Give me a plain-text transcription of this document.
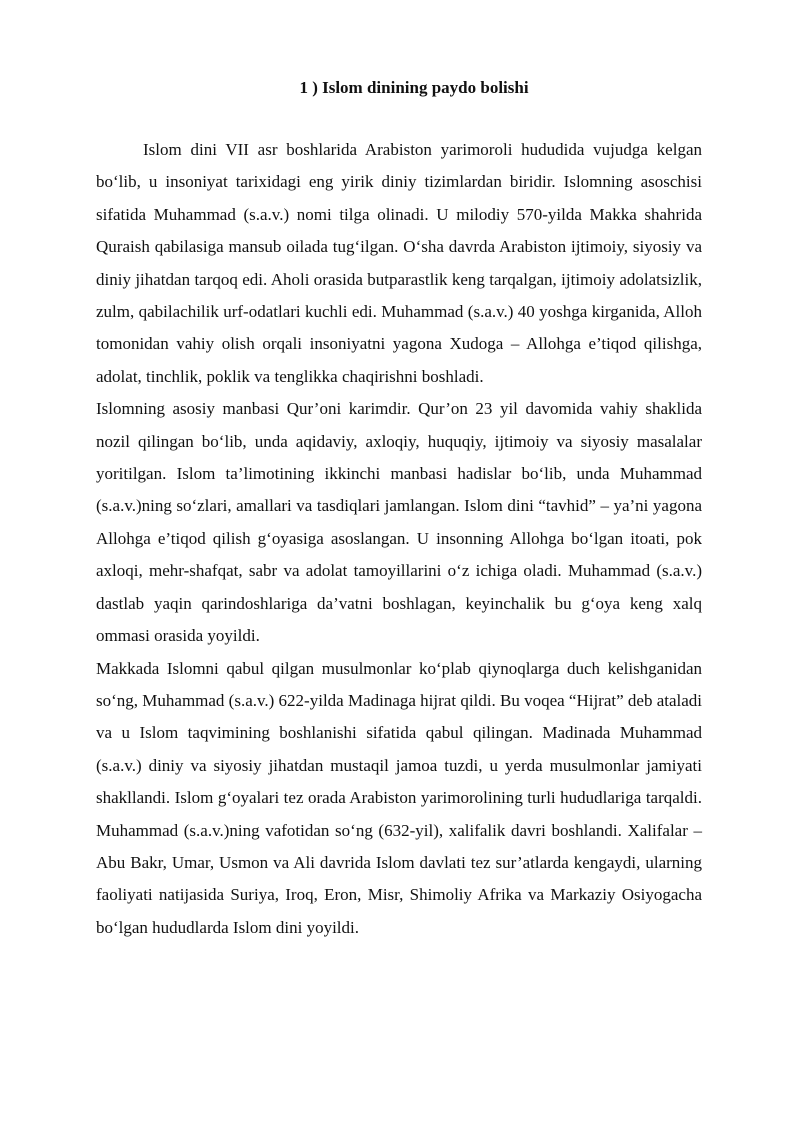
1 ) Islom dinining paydo bolishi

Islom dini VII asr boshlarida Arabiston yarimoroli hududida vujudga kelgan bo‘lib, u insoniyat tarixidagi eng yirik diniy tizimlardan biridir. Islomning asoschisi sifatida Muhammad (s.a.v.) nomi tilga olinadi. U milodiy 570-yilda Makka shahrida Quraish qabilasiga mansub oilada tug‘ilgan. O‘sha davrda Arabiston ijtimoiy, siyosiy va diniy jihatdan tarqoq edi. Aholi orasida butparastlik keng tarqalgan, ijtimoiy adolatsizlik, zulm, qabilachilik urf-odatlari kuchli edi. Muhammad (s.a.v.) 40 yoshga kirganida, Alloh tomonidan vahiy olish orqali insoniyatni yagona Xudoga – Allohga e’tiqod qilishga, adolat, tinchlik, poklik va tenglikka chaqirishni boshladi.

Islomning asosiy manbasi Qur’oni karimdir. Qur’on 23 yil davomida vahiy shaklida nozil qilingan bo‘lib, unda aqidaviy, axloqiy, huquqiy, ijtimoiy va siyosiy masalalar yoritilgan. Islom ta’limotining ikkinchi manbasi hadislar bo‘lib, unda Muhammad (s.a.v.)ning so‘zlari, amallari va tasdiqlari jamlangan. Islom dini “tavhid” – ya’ni yagona Allohga e’tiqod qilish g‘oyasiga asoslangan. U insonning Allohga bo‘lgan itoati, pok axloqi, mehr-shafqat, sabr va adolat tamoyillarini o‘z ichiga oladi. Muhammad (s.a.v.) dastlab yaqin qarindoshlariga da’vatni boshlagan, keyinchalik bu g‘oya keng xalq ommasi orasida yoyildi.

Makkada Islomni qabul qilgan musulmonlar ko‘plab qiynoqlarga duch kelishganidan so‘ng, Muhammad (s.a.v.) 622-yilda Madinaga hijrat qildi. Bu voqea “Hijrat” deb ataladi va u Islom taqvimining boshlanishi sifatida qabul qilingan. Madinada Muhammad (s.a.v.) diniy va siyosiy jihatdan mustaqil jamoa tuzdi, u yerda musulmonlar jamiyati shakllandi. Islom g‘oyalari tez orada Arabiston yarimorolining turli hududlariga tarqaldi. Muhammad (s.a.v.)ning vafotidan so‘ng (632-yil), xalifalik davri boshlandi. Xalifalar – Abu Bakr, Umar, Usmon va Ali davrida Islom davlati tez sur’atlarda kengaydi, ularning faoliyati natijasida Suriya, Iroq, Eron, Misr, Shimoliy Afrika va Markaziy Osiyogacha bo‘lgan hududlarda Islom dini yoyildi.
